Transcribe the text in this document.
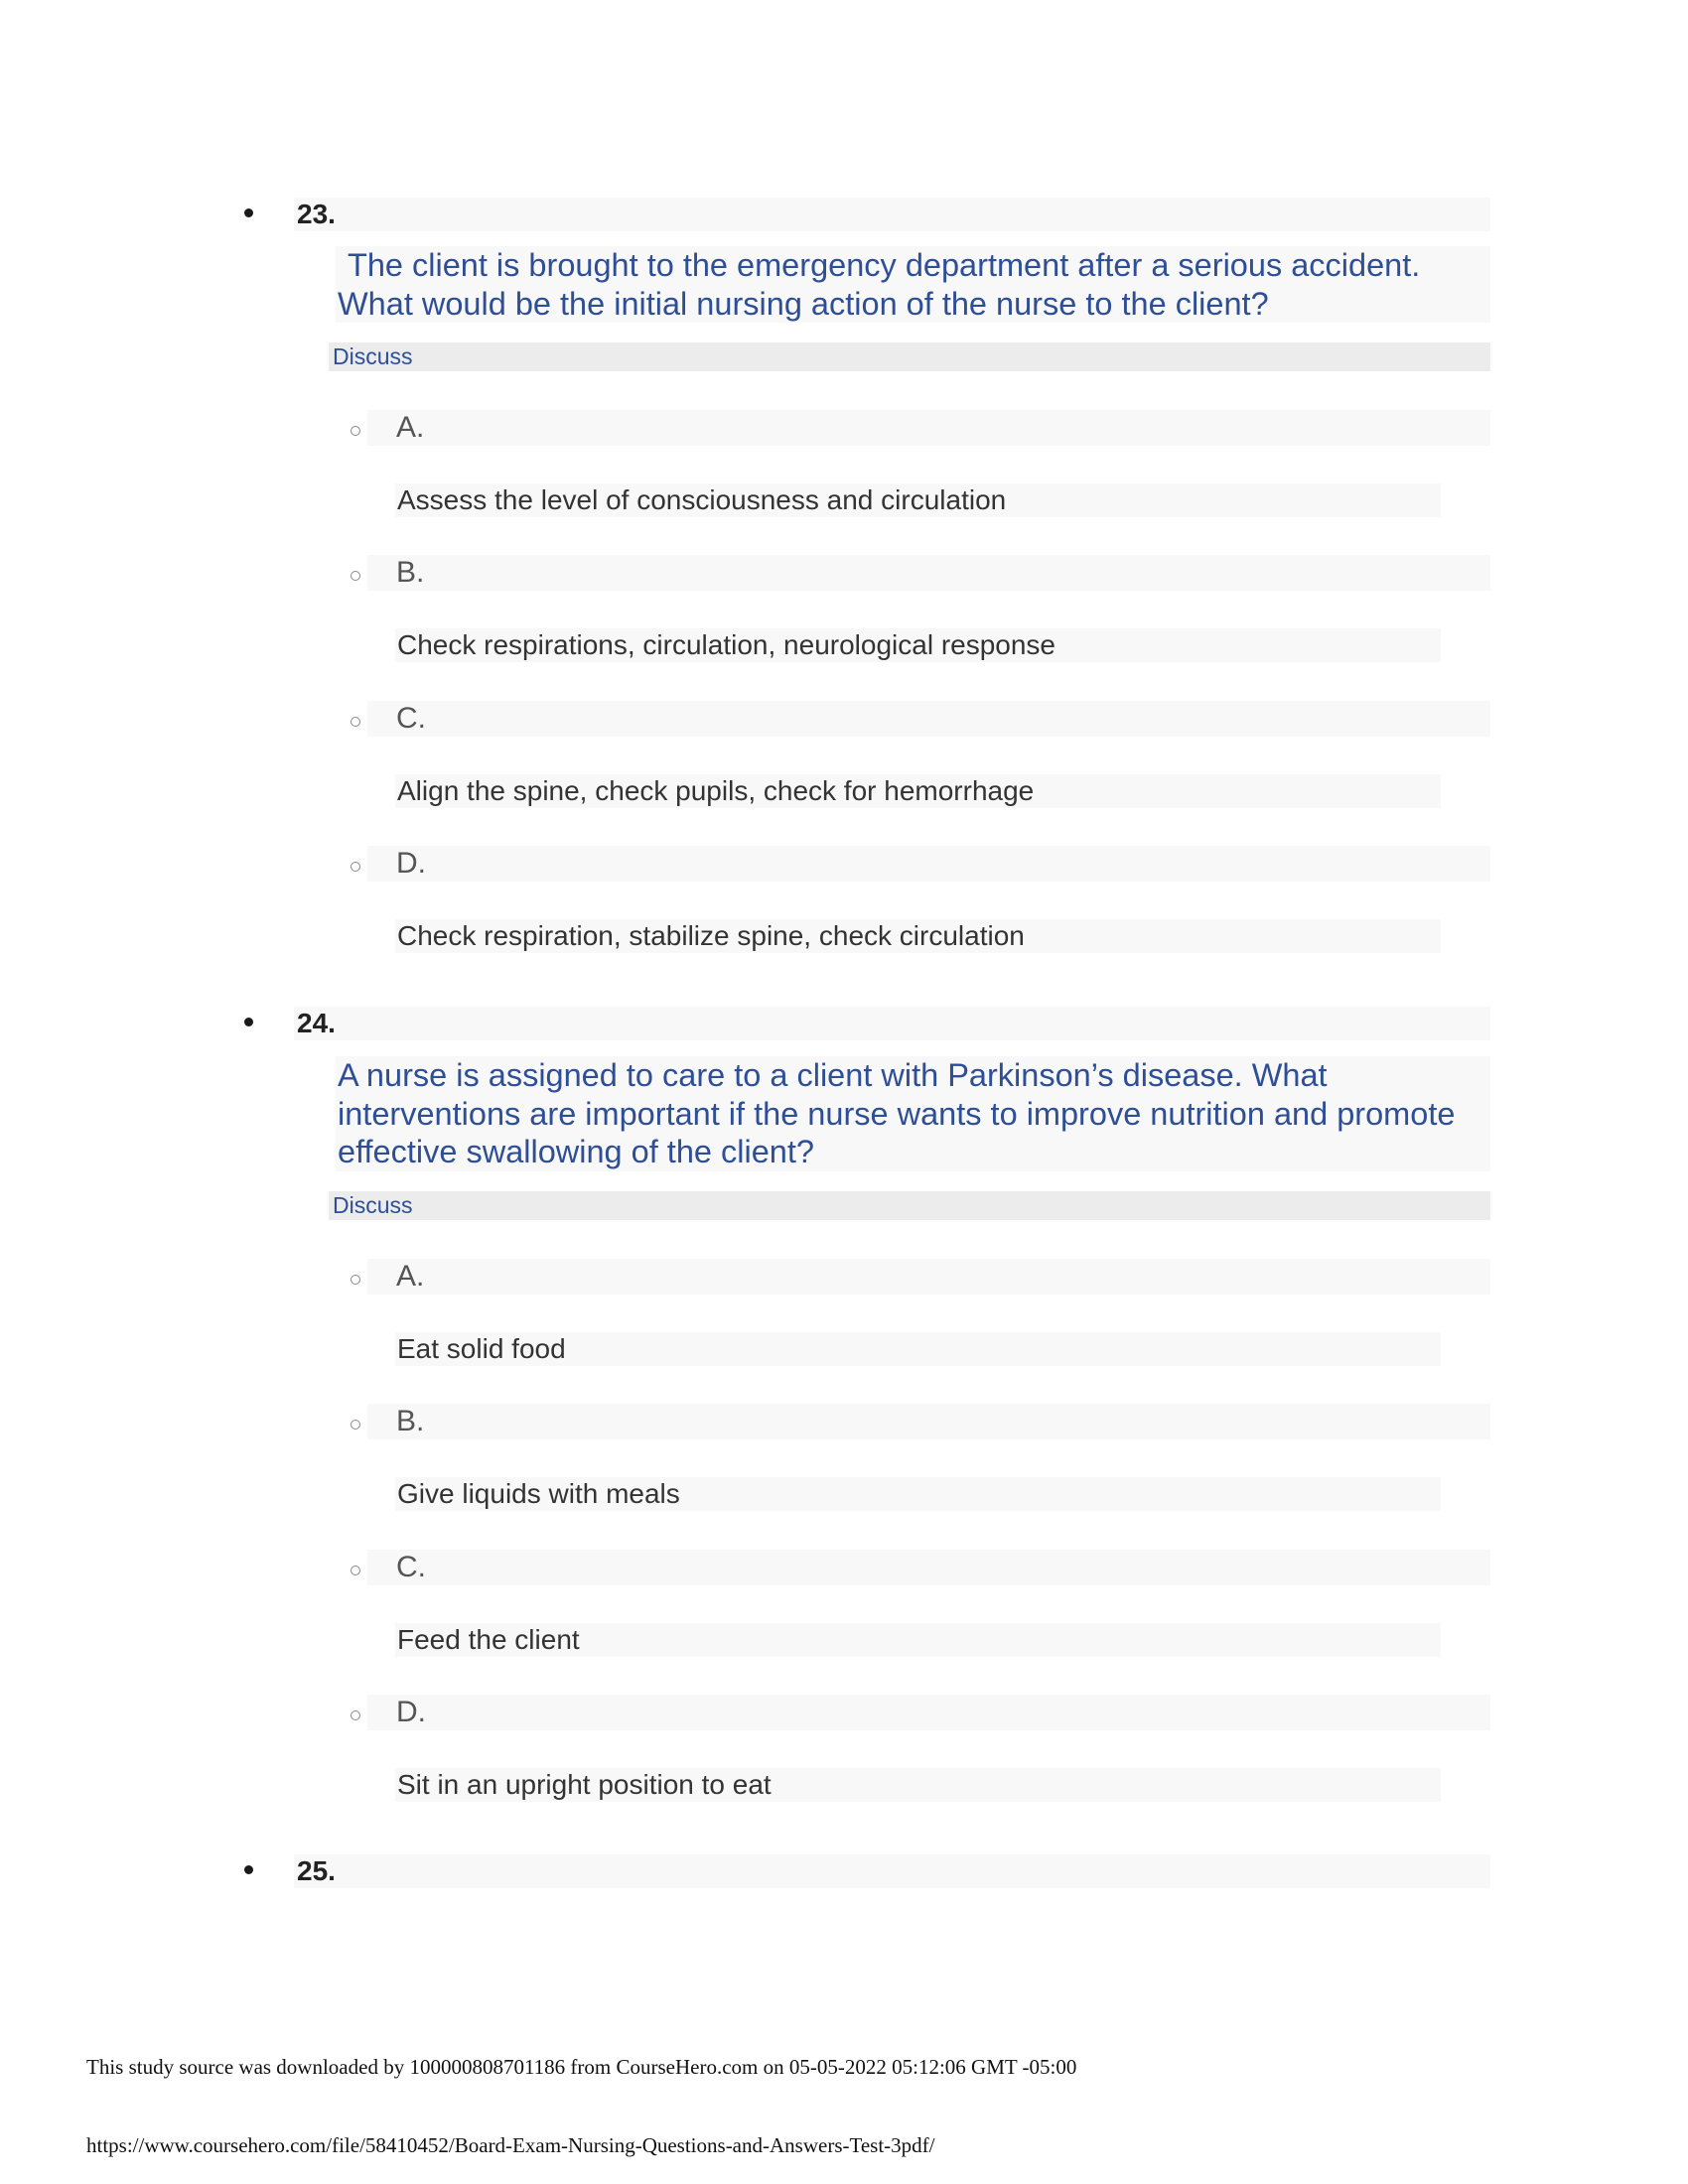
23.
The client is brought to the emergency department after a serious accident. What would be the initial nursing action of the nurse to the client?
Discuss
A.
Assess the level of consciousness and circulation
B.
Check respirations, circulation, neurological response
C.
Align the spine, check pupils, check for hemorrhage
D.
Check respiration, stabilize spine, check circulation
24.
A nurse is assigned to care to a client with Parkinson’s disease. What interventions are important if the nurse wants to improve nutrition and promote effective swallowing of the client?
Discuss
A.
Eat solid food
B.
Give liquids with meals
C.
Feed the client
D.
Sit in an upright position to eat
25.
This study source was downloaded by 100000808701186 from CourseHero.com on 05-05-2022 05:12:06 GMT -05:00
https://www.coursehero.com/file/58410452/Board-Exam-Nursing-Questions-and-Answers-Test-3pdf/
